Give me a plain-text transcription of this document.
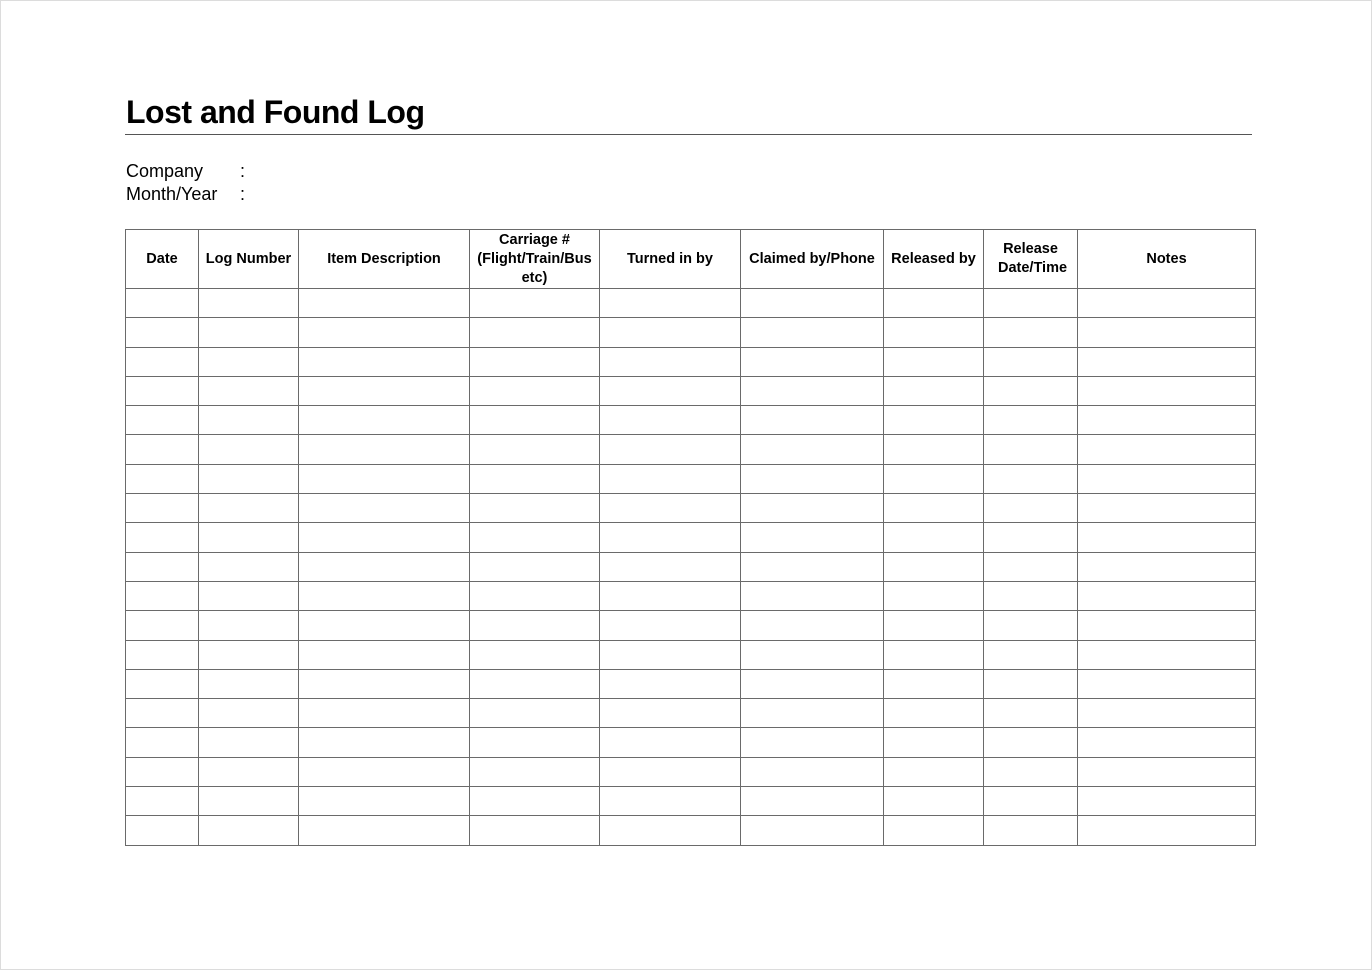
Lost and Found Log
Company :
Month/Year :
Date	Log Number	Item Description	Carriage # (Flight/Train/Bus etc)	Turned in by	Claimed by/Phone	Released by	Release Date/Time	Notes
